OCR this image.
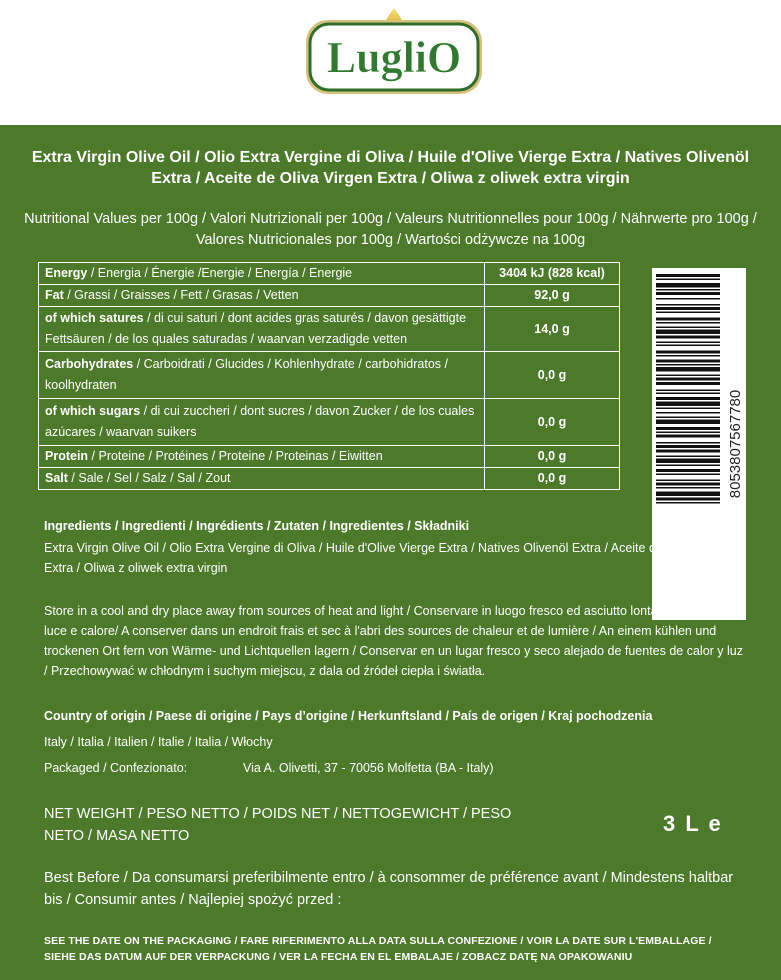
LugliO
Extra Virgin Olive Oil / Olio Extra Vergine di Oliva / Huile d'Olive Vierge Extra / Natives Olivenöl Extra / Aceite de Oliva Virgen Extra / Oliwa z oliwek extra virgin
Nutritional Values per 100g / Valori Nutrizionali per 100g / Valeurs Nutritionnelles pour 100g / Nährwerte pro 100g / Valores Nutricionales por 100g / Wartości odżywcze na 100g
Energy / Energia / Énergie /Energie / Energía / Energie	3404 kJ (828 kcal)
Fat / Grassi / Graisses / Fett / Grasas / Vetten	92,0 g
of which satures / di cui saturi / dont acides gras saturés / davon gesättigte Fettsäuren / de los quales saturadas / waarvan verzadigde vetten	14,0 g
Carbohydrates / Carboidrati / Glucides / Kohlenhydrate / carbohidratos / koolhydraten	0,0 g
of which sugars / di cui zuccheri / dont sucres / davon Zucker / de los cuales azúcares / waarvan suikers	0,0 g
Protein / Proteine / Protéines / Proteine / Proteinas / Eiwitten	0,0 g
Salt / Sale / Sel / Salz / Sal / Zout	0,0 g	8053807567780
Ingredients / Ingredienti / Ingrédients / Zutaten / Ingredientes / Składniki
Extra Virgin Olive Oil / Olio Extra Vergine di Oliva / Huile d'Olive Vierge Extra / Natives Olivenöl Extra / Aceite de Oliva Virgen Extra / Oliwa z oliwek extra virgin
Store in a cool and dry place away from sources of heat and light / Conservare in luogo fresco ed asciutto lontano da fonti di luce e calore/ A conserver dans un endroit frais et sec à l'abri des sources de chaleur et de lumière / An einem kühlen und trockenen Ort fern von Wärme- und Lichtquellen lagern / Conservar en un lugar fresco y seco alejado de fuentes de calor y luz / Przechowywać w chłodnym i suchym miejscu, z dala od źródeł ciepła i światła.
Country of origin / Paese di origine / Pays d’origine / Herkunftsland / País de origen / Kraj pochodzenia
Italy / Italia / Italien / Italie / Italia / Włochy
Packaged / Confezionato:	Via A. Olivetti, 37 - 70056 Molfetta (BA - Italy)
NET WEIGHT / PESO NETTO / POIDS NET / NETTOGEWICHT / PESO NETO / MASA NETTO	3 L e
Best Before / Da consumarsi preferibilmente entro / à consommer de préférence avant / Mindestens haltbar bis / Consumir antes / Najlepiej spożyć przed :
SEE THE DATE ON THE PACKAGING / FARE RIFERIMENTO ALLA DATA SULLA CONFEZIONE / VOIR LA DATE SUR L'EMBALLAGE / SIEHE DAS DATUM AUF DER VERPACKUNG / VER LA FECHA EN EL EMBALAJE / ZOBACZ DATĘ NA OPAKOWANIU
